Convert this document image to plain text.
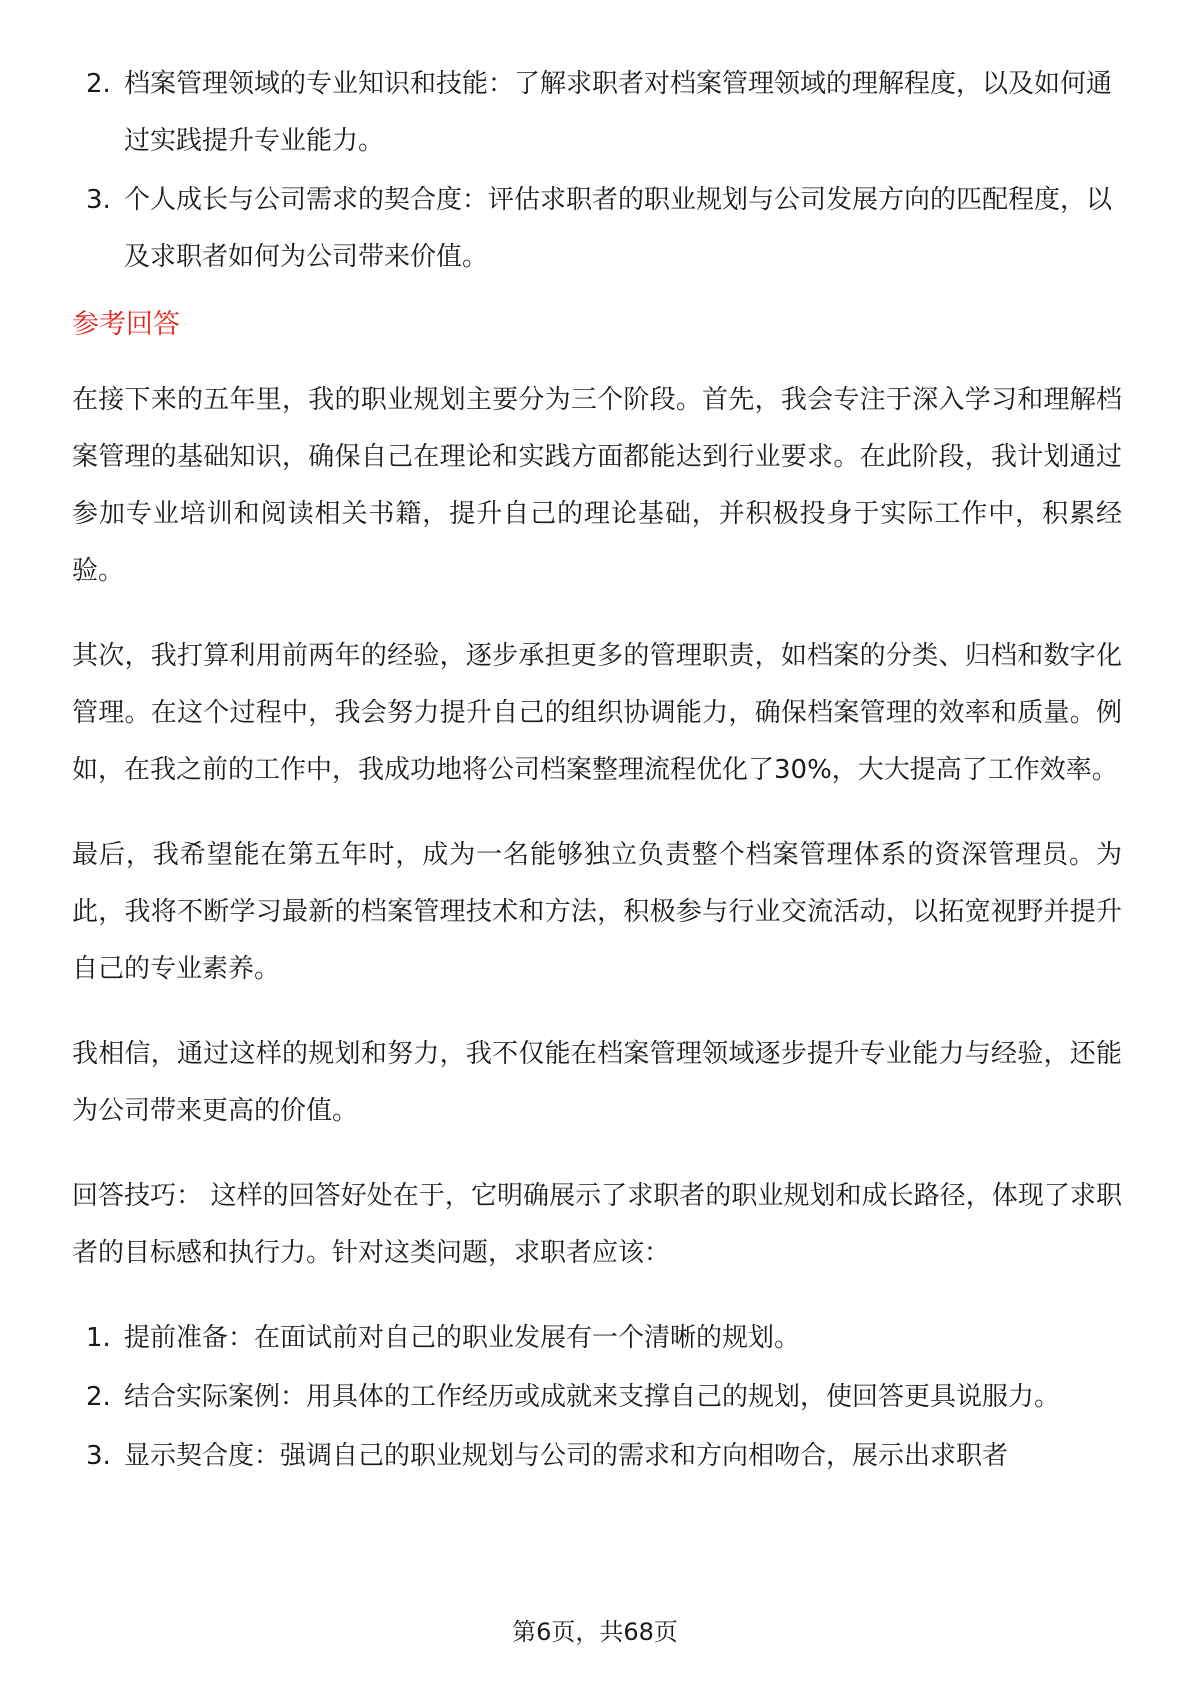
2. 档案管理领域的专业知识和技能：了解求职者对档案管理领域的理解程度，以及如何通过实践提升专业能力。
3. 个人成长与公司需求的契合度：评估求职者的职业规划与公司发展方向的匹配程度，以及求职者如何为公司带来价值。
参考回答

在接下来的五年里，我的职业规划主要分为三个阶段。首先，我会专注于深入学习和理解档案管理的基础知识，确保自己在理论和实践方面都能达到行业要求。在此阶段，我计划通过参加专业培训和阅读相关书籍，提升自己的理论基础，并积极投身于实际工作中，积累经验。

其次，我打算利用前两年的经验，逐步承担更多的管理职责，如档案的分类、归档和数字化管理。在这个过程中，我会努力提升自己的组织协调能力，确保档案管理的效率和质量。例如，在我之前的工作中，我成功地将公司档案整理流程优化了30%，大大提高了工作效率。

最后，我希望能在第五年时，成为一名能够独立负责整个档案管理体系的资深管理员。为此，我将不断学习最新的档案管理技术和方法，积极参与行业交流活动，以拓宽视野并提升自己的专业素养。

我相信，通过这样的规划和努力，我不仅能在档案管理领域逐步提升专业能力与经验，还能为公司带来更高的价值。

回答技巧： 这样的回答好处在于，它明确展示了求职者的职业规划和成长路径，体现了求职者的目标感和执行力。针对这类问题，求职者应该：

1. 提前准备：在面试前对自己的职业发展有一个清晰的规划。
2. 结合实际案例：用具体的工作经历或成就来支撑自己的规划，使回答更具说服力。
3. 显示契合度：强调自己的职业规划与公司的需求和方向相吻合，展示出求职者
第6页，共68页
